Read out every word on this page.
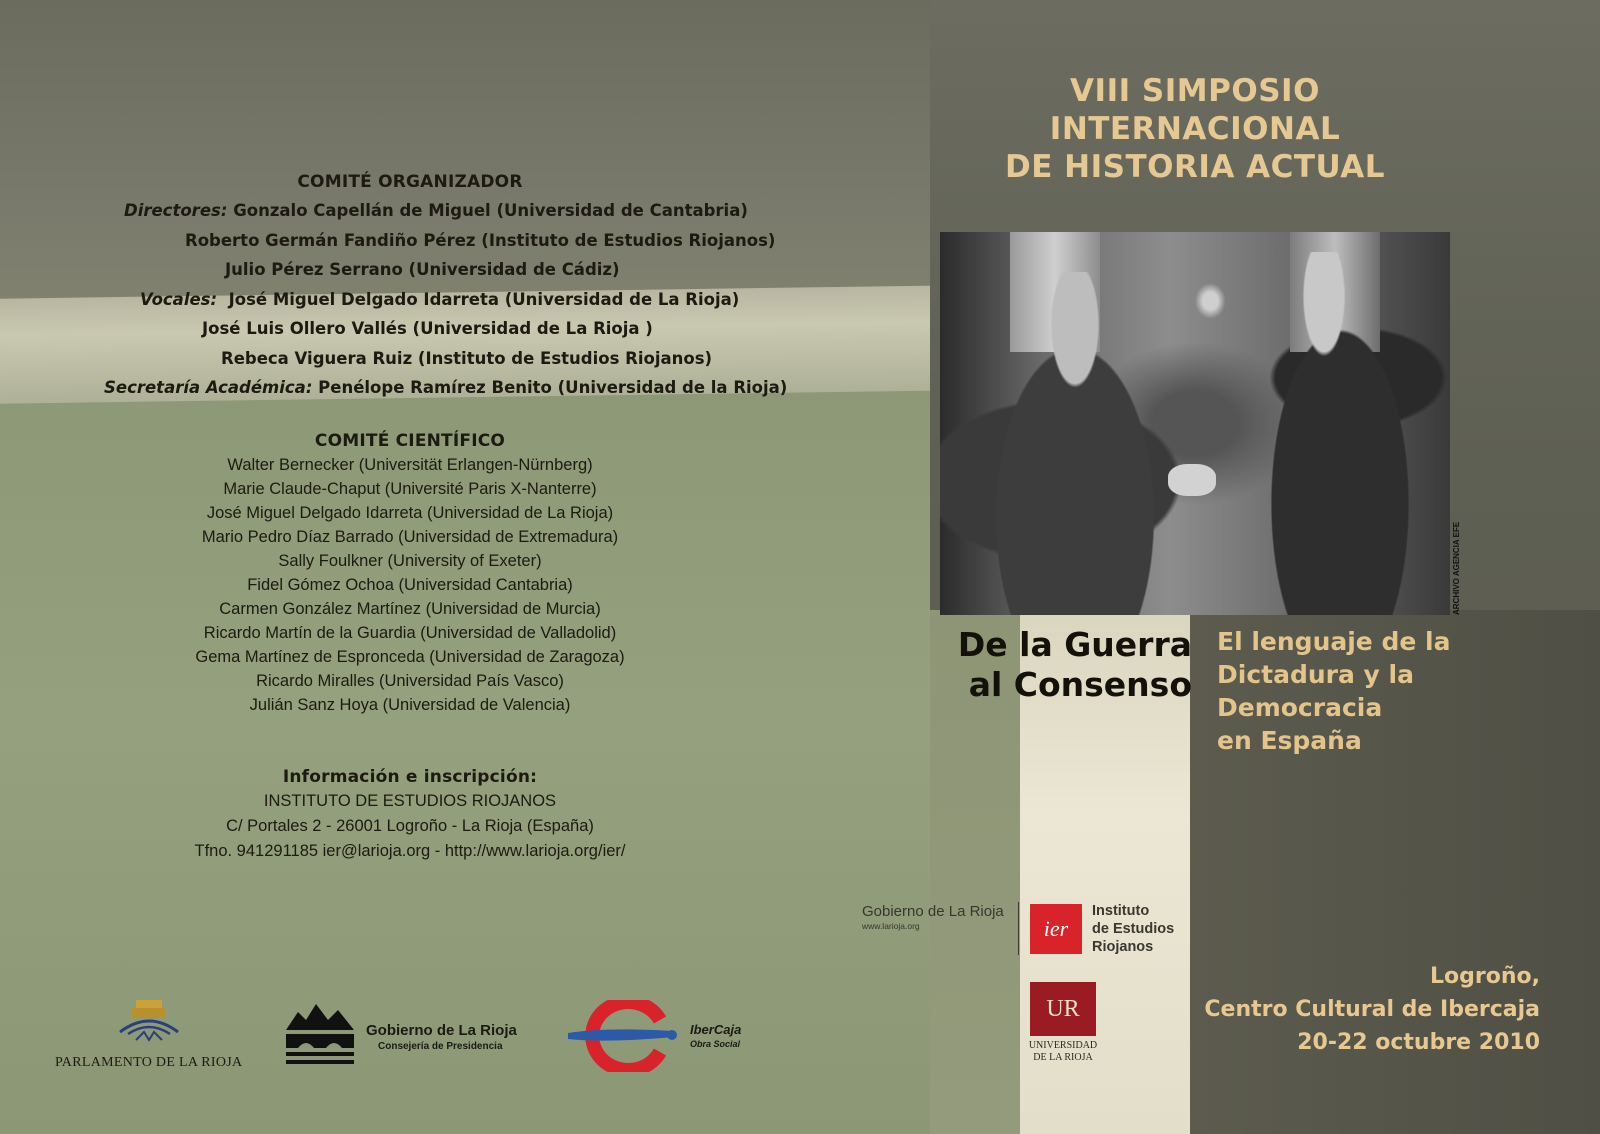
COMITÉ ORGANIZADOR
Directores: Gonzalo Capellán de Miguel (Universidad de Cantabria)
Roberto Germán Fandiño Pérez (Instituto de Estudios Riojanos)
Julio Pérez Serrano (Universidad de Cádiz)
Vocales: José Miguel Delgado Idarreta (Universidad de La Rioja)
José Luis Ollero Vallés (Universidad de La Rioja )
Rebeca Viguera Ruiz (Instituto de Estudios Riojanos)
Secretaría Académica: Penélope Ramírez Benito (Universidad de la Rioja)
COMITÉ CIENTÍFICO
Walter Bernecker (Universität Erlangen-Nürnberg)
Marie Claude-Chaput (Université Paris X-Nanterre)
José Miguel Delgado Idarreta (Universidad de La Rioja)
Mario Pedro Díaz Barrado (Universidad de Extremadura)
Sally Foulkner (University of Exeter)
Fidel Gómez Ochoa (Universidad Cantabria)
Carmen González Martínez (Universidad de Murcia)
Ricardo Martín de la Guardia (Universidad de Valladolid)
Gema Martínez de Espronceda (Universidad de Zaragoza)
Ricardo Miralles (Universidad País Vasco)
Julián Sanz Hoya (Universidad de Valencia)
Información e inscripción:
INSTITUTO DE ESTUDIOS RIOJANOS
C/ Portales 2 - 26001 Logroño - La Rioja (España)
Tfno. 941291185 ier@larioja.org - http://www.larioja.org/ier/
PARLAMENTO DE LA RIOJA
Gobierno de La Rioja
Consejería de Presidencia
IberCaja
Obra Social
VIII SIMPOSIO
INTERNACIONAL
DE HISTORIA ACTUAL
ARCHIVO AGENCIA EFE
De la Guerra
al Consenso
El lenguaje de la
Dictadura y la
Democracia
en España
Gobierno de La Rioja
www.larioja.org	ier
Instituto
de Estudios
Riojanos
UR
UNIVERSIDAD
DE LA RIOJA
Logroño,
Centro Cultural de Ibercaja
20-22 octubre 2010
